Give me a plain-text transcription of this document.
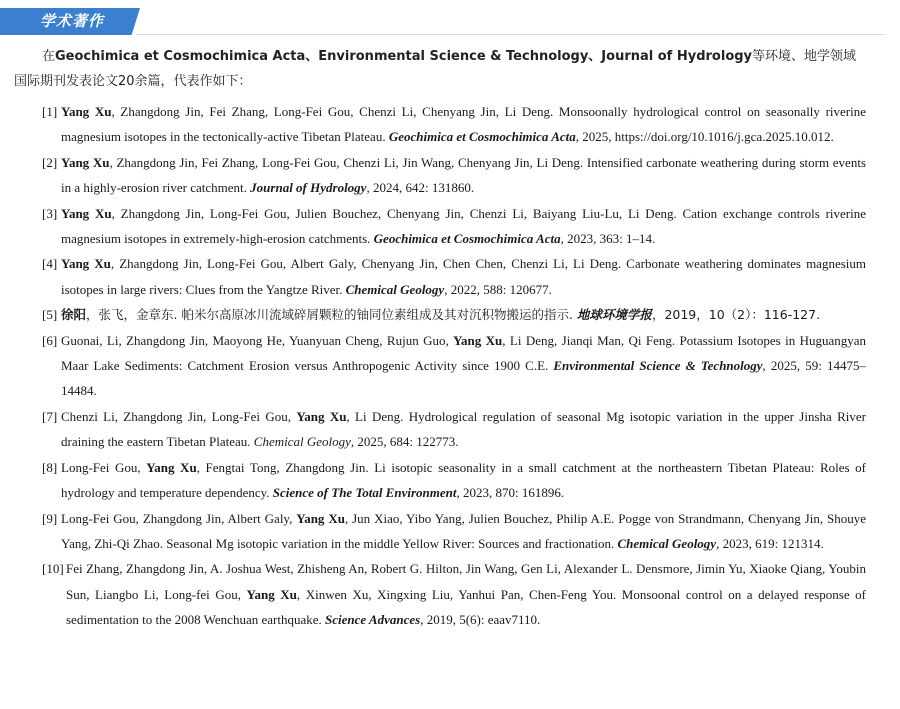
学术著作

在Geochimica et Cosmochimica Acta、Environmental Science & Technology、Journal of Hydrology等环境、地学领域国际期刊发表论文20余篇，代表作如下：

[1] Yang Xu, Zhangdong Jin, Fei Zhang, Long-Fei Gou, Chenzi Li, Chenyang Jin, Li Deng. Monsoonally hydrological control on seasonally riverine magnesium isotopes in the tectonically-active Tibetan Plateau. Geochimica et Cosmochimica Acta, 2025, https://doi.org/10.1016/j.gca.2025.10.012.

[2] Yang Xu, Zhangdong Jin, Fei Zhang, Long-Fei Gou, Chenzi Li, Jin Wang, Chenyang Jin, Li Deng. Intensified carbonate weathering during storm events in a highly-erosion river catchment. Journal of Hydrology, 2024, 642: 131860.

[3] Yang Xu, Zhangdong Jin, Long-Fei Gou, Julien Bouchez, Chenyang Jin, Chenzi Li, Baiyang Liu-Lu, Li Deng. Cation exchange controls riverine magnesium isotopes in extremely-high-erosion catchments. Geochimica et Cosmochimica Acta, 2023, 363: 1–14.

[4] Yang Xu, Zhangdong Jin, Long-Fei Gou, Albert Galy, Chenyang Jin, Chen Chen, Chenzi Li, Li Deng. Carbonate weathering dominates magnesium isotopes in large rivers: Clues from the Yangtze River. Chemical Geology, 2022, 588: 120677.

[5] 徐阳，张飞，金章东. 帕米尔高原冰川流域碎屑颗粒的铀同位素组成及其对沉积物搬运的指示. 地球环境学报，2019，10（2）：116-127.

[6] Guonai, Li, Zhangdong Jin, Maoyong He, Yuanyuan Cheng, Rujun Guo, Yang Xu, Li Deng, Jianqi Man, Qi Feng. Potassium Isotopes in Huguangyan Maar Lake Sediments: Catchment Erosion versus Anthropogenic Activity since 1900 C.E. Environmental Science & Technology, 2025, 59: 14475–14484.

[7] Chenzi Li, Zhangdong Jin, Long-Fei Gou, Yang Xu, Li Deng. Hydrological regulation of seasonal Mg isotopic variation in the upper Jinsha River draining the eastern Tibetan Plateau. Chemical Geology, 2025, 684: 122773.

[8] Long-Fei Gou, Yang Xu, Fengtai Tong, Zhangdong Jin. Li isotopic seasonality in a small catchment at the northeastern Tibetan Plateau: Roles of hydrology and temperature dependency. Science of The Total Environment, 2023, 870: 161896.

[9] Long-Fei Gou, Zhangdong Jin, Albert Galy, Yang Xu, Jun Xiao, Yibo Yang, Julien Bouchez, Philip A.E. Pogge von Strandmann, Chenyang Jin, Shouye Yang, Zhi-Qi Zhao. Seasonal Mg isotopic variation in the middle Yellow River: Sources and fractionation. Chemical Geology, 2023, 619: 121314.

[10] Fei Zhang, Zhangdong Jin, A. Joshua West, Zhisheng An, Robert G. Hilton, Jin Wang, Gen Li, Alexander L. Densmore, Jimin Yu, Xiaoke Qiang, Youbin Sun, Liangbo Li, Long-fei Gou, Yang Xu, Xinwen Xu, Xingxing Liu, Yanhui Pan, Chen-Feng You. Monsoonal control on a delayed response of sedimentation to the 2008 Wenchuan earthquake. Science Advances, 2019, 5(6): eaav7110.
